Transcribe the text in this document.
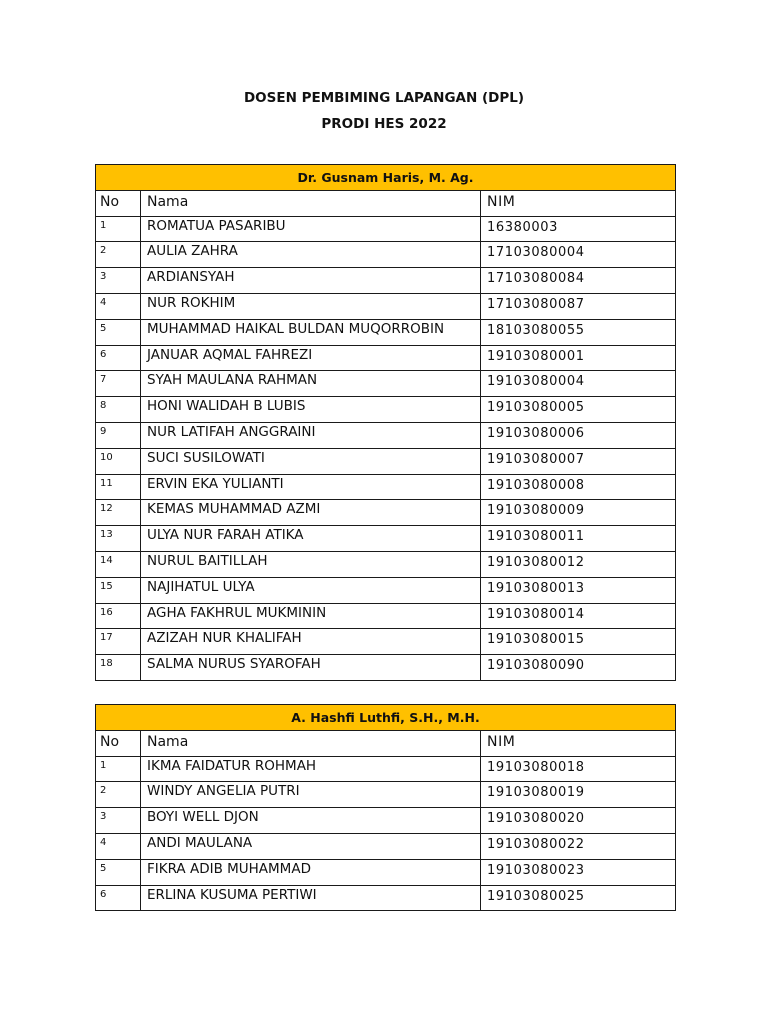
DOSEN PEMBIMING LAPANGAN (DPL)
PRODI HES 2022
Dr. Gusnam Haris, M. Ag.		
No	Nama	NIM
1	ROMATUA PASARIBU	16380003
2	AULIA ZAHRA	17103080004
3	ARDIANSYAH	17103080084
4	NUR ROKHIM	17103080087
5	MUHAMMAD HAIKAL BULDAN MUQORROBIN	18103080055
6	JANUAR AQMAL FAHREZI	19103080001
7	SYAH MAULANA RAHMAN	19103080004
8	HONI WALIDAH B LUBIS	19103080005
9	NUR LATIFAH ANGGRAINI	19103080006
10	SUCI SUSILOWATI	19103080007
11	ERVIN EKA YULIANTI	19103080008
12	KEMAS MUHAMMAD AZMI	19103080009
13	ULYA NUR FARAH ATIKA	19103080011
14	NURUL BAITILLAH	19103080012
15	NAJIHATUL ULYA	19103080013
16	AGHA FAKHRUL MUKMININ	19103080014
17	AZIZAH NUR KHALIFAH	19103080015
18	SALMA NURUS SYAROFAH	19103080090
A. Hashfi Luthfi, S.H., M.H.		
No	Nama	NIM
1	IKMA FAIDATUR ROHMAH	19103080018
2	WINDY ANGELIA PUTRI	19103080019
3	BOYI WELL DJON	19103080020
4	ANDI MAULANA	19103080022
5	FIKRA ADIB MUHAMMAD	19103080023
6	ERLINA KUSUMA PERTIWI	19103080025
